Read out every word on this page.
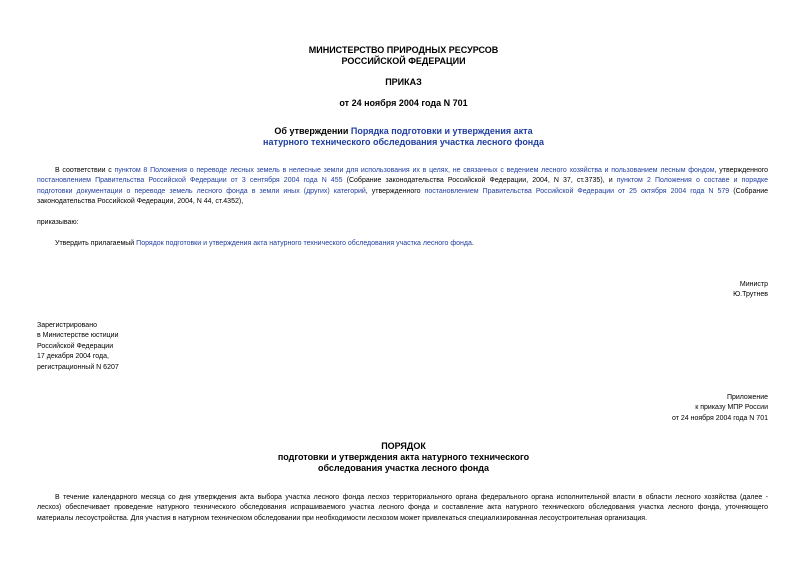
МИНИСТЕРСТВО ПРИРОДНЫХ РЕСУРСОВ
РОССИЙСКОЙ ФЕДЕРАЦИИ
ПРИКАЗ
от 24 ноября 2004 года N 701
Об утверждении Порядка подготовки и утверждения акта
натурного технического обследования участка лесного фонда
В соответствии с пунктом 8 Положения о переводе лесных земель в нелесные земли для использования их в целях, не связанных с ведением лесного хозяйства и пользованием лесным фондом, утвержденного
постановлением Правительства Российской Федерации от 3 сентября 2004 года N 455 (Собрание законодательства Российской Федерации, 2004, N 37, ст.3735), и пунктом 2 Положения о составе и порядке
подготовки документации о переводе земель лесного фонда в земли иных (других) категорий, утвержденного постановлением Правительства Российской Федерации от 25 октября 2004 года N 579 (Собрание
законодательства Российской Федерации, 2004, N 44, ст.4352),
приказываю:
Утвердить прилагаемый Порядок подготовки и утверждения акта натурного технического обследования участка лесного фонда.
Министр
Ю.Трутнев
Зарегистрировано
в Министерстве юстиции
Российской Федерации
17 декабря 2004 года,
регистрационный N 6207
Приложение
к приказу МПР России
от 24 ноября 2004 года N 701
ПОРЯДОК
подготовки и утверждения акта натурного технического
обследования участка лесного фонда
В течение календарного месяца со дня утверждения акта выбора участка лесного фонда лесхоз территориального органа федерального органа исполнительной власти в области лесного хозяйства (далее -
лесхоз) обеспечивает проведение натурного технического обследования испрашиваемого участка лесного фонда и составление акта натурного технического обследования участка лесного фонда, уточняющего
материалы лесоустройства. Для участия в натурном техническом обследовании при необходимости лесхозом может привлекаться специализированная лесоустроительная организация.
